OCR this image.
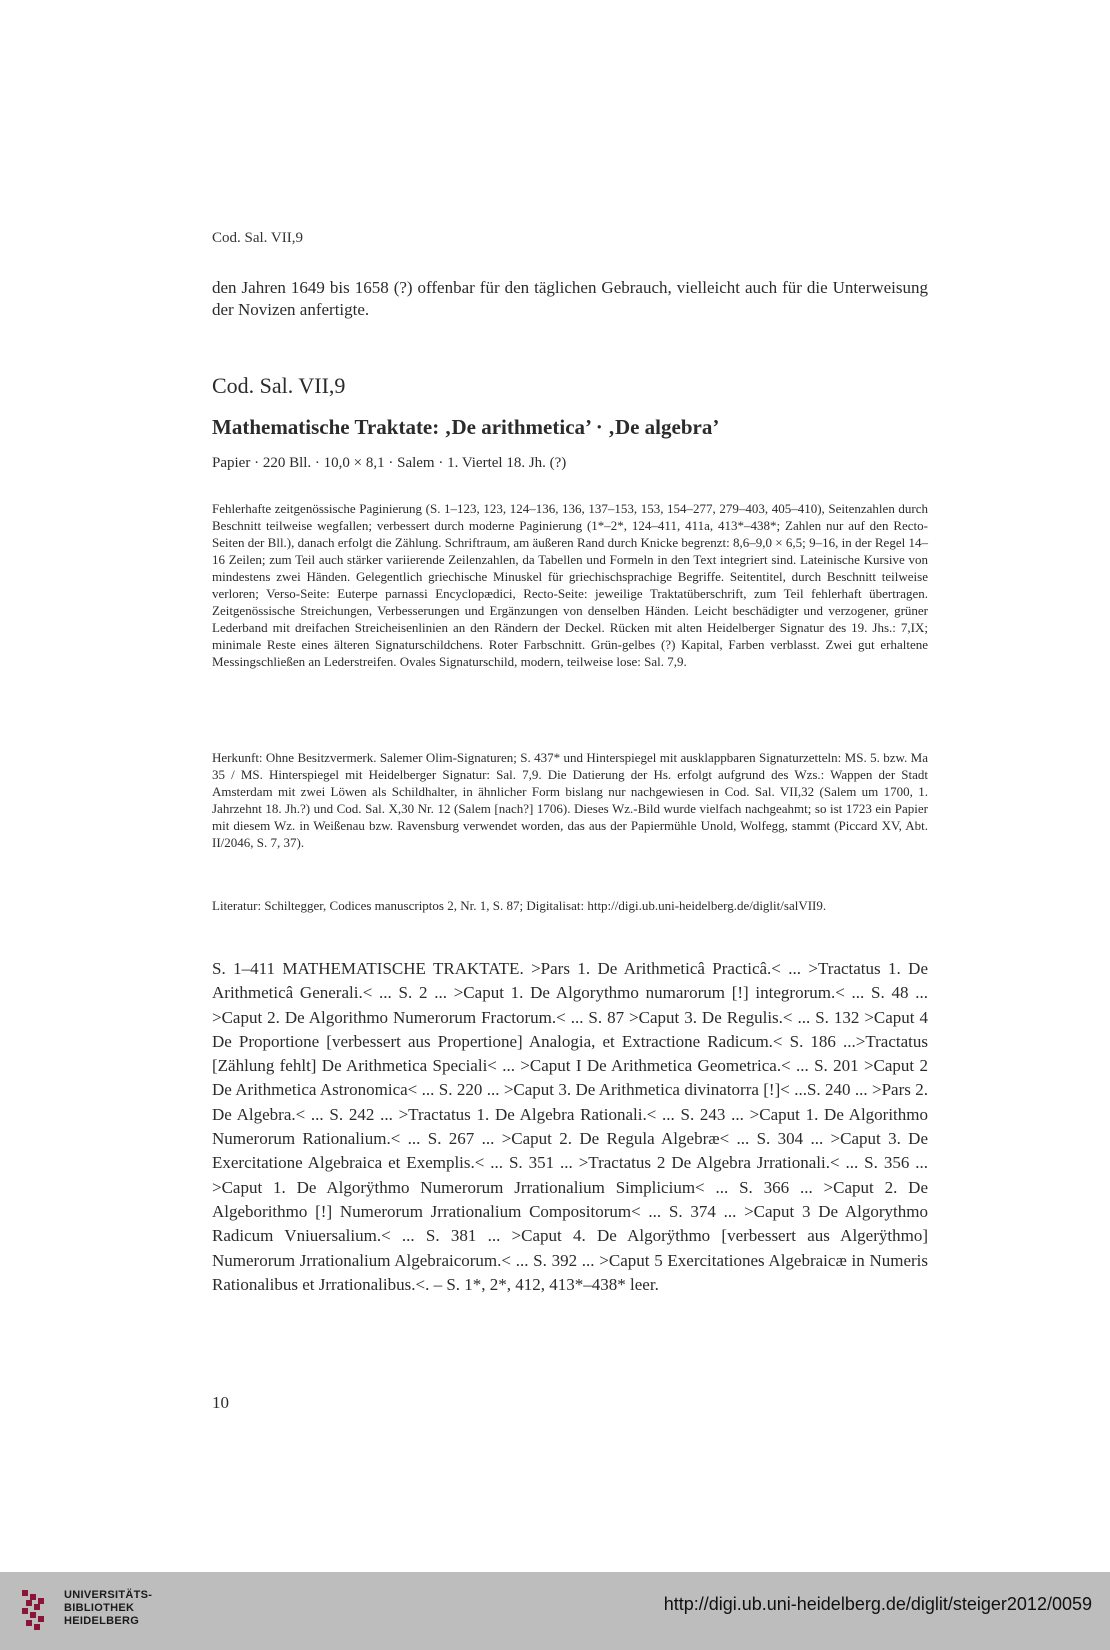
Cod. Sal. VII,9

den Jahren 1649 bis 1658 (?) offenbar für den täglichen Gebrauch, vielleicht auch für die Unterweisung der Novizen anfertigte.

Cod. Sal. VII,9
Mathematische Traktate: ‚De arithmetica’ · ‚De algebra’
Papier · 220 Bll. · 10,0 × 8,1 · Salem · 1. Viertel 18. Jh. (?)

Fehlerhafte zeitgenössische Paginierung (S. 1–123, 123, 124–136, 136, 137–153, 153, 154–277, 279–403, 405–410), Seitenzahlen durch Beschnitt teilweise wegfallen; verbessert durch moderne Paginierung (1*–2*, 124–411, 411a, 413*–438*; Zahlen nur auf den Recto-Seiten der Bll.), danach erfolgt die Zählung. Schriftraum, am äußeren Rand durch Knicke begrenzt: 8,6–9,0 × 6,5; 9–16, in der Regel 14–16 Zeilen; zum Teil auch stärker variierende Zeilenzahlen, da Tabellen und Formeln in den Text integriert sind. Lateinische Kursive von mindestens zwei Händen. Gelegentlich griechische Minuskel für griechischsprachige Begriffe. Seitentitel, durch Beschnitt teilweise verloren; Verso-Seite: Euterpe parnassi Encyclopædici, Recto-Seite: jeweilige Traktatüberschrift, zum Teil fehlerhaft übertragen. Zeitgenössische Streichungen, Verbesserungen und Ergänzungen von denselben Händen. Leicht beschädigter und verzogener, grüner Lederband mit dreifachen Streicheisenlinien an den Rändern der Deckel. Rücken mit alten Heidelberger Signatur des 19. Jhs.: 7,IX; minimale Reste eines älteren Signaturschildchens. Roter Farbschnitt. Grün-gelbes (?) Kapital, Farben verblasst. Zwei gut erhaltene Messingschließen an Lederstreifen. Ovales Signaturschild, modern, teilweise lose: Sal. 7,9.

Herkunft: Ohne Besitzvermerk. Salemer Olim-Signaturen; S. 437* und Hinterspiegel mit ausklappbaren Signaturzetteln: MS. 5. bzw. Ma 35 / MS. Hinterspiegel mit Heidelberger Signatur: Sal. 7,9. Die Datierung der Hs. erfolgt aufgrund des Wzs.: Wappen der Stadt Amsterdam mit zwei Löwen als Schildhalter, in ähnlicher Form bislang nur nachgewiesen in Cod. Sal. VII,32 (Salem um 1700, 1. Jahrzehnt 18. Jh.?) und Cod. Sal. X,30 Nr. 12 (Salem [nach?] 1706). Dieses Wz.-Bild wurde vielfach nachgeahmt; so ist 1723 ein Papier mit diesem Wz. in Weißenau bzw. Ravensburg verwendet worden, das aus der Papiermühle Unold, Wolfegg, stammt (Piccard XV, Abt. II/2046, S. 7, 37).

Literatur: Schiltegger, Codices manuscriptos 2, Nr. 1, S. 87; Digitalisat: http://digi.ub.uni-heidelberg.de/diglit/salVII9.

S. 1–411 MATHEMATISCHE TRAKTATE. >Pars 1. De Arithmeticâ Practicâ.< ... >Tractatus 1. De Arithmeticâ Generali.< ... S. 2 ... >Caput 1. De Algorythmo numarorum [!] integrorum.< ... S. 48 ... >Caput 2. De Algorithmo Numerorum Fractorum.< ... S. 87 >Caput 3. De Regulis.< ... S. 132 >Caput 4 De Proportione [verbessert aus Propertione] Analogia, et Extractione Radicum.< S. 186 ...>Tractatus [Zählung fehlt] De Arithmetica Speciali< ... >Caput I De Arithmetica Geometrica.< ... S. 201 >Caput 2 De Arithmetica Astronomica< ... S. 220 ... >Caput 3. De Arithmetica divinatorra [!]< ...S. 240 ... >Pars 2. De Algebra.< ... S. 242 ... >Tractatus 1. De Algebra Rationali.< ... S. 243 ... >Caput 1. De Algorithmo Numerorum Rationalium.< ... S. 267 ... >Caput 2. De Regula Algebræ< ... S. 304 ... >Caput 3. De Exercitatione Algebraica et Exemplis.< ... S. 351 ... >Tractatus 2 De Algebra Jrrationali.< ... S. 356 ... >Caput 1. De Algorÿthmo Numerorum Jrrationalium Simplicium< ... S. 366 ... >Caput 2. De Algeborithmo [!] Numerorum Jrrationalium Compositorum< ... S. 374 ... >Caput 3 De Algorythmo Radicum Vniuersalium.< ... S. 381 ... >Caput 4. De Algorÿthmo [verbessert aus Algerÿthmo] Numerorum Jrrationalium Algebraicorum.< ... S. 392 ... >Caput 5 Exercitationes Algebraicæ in Numeris Rationalibus et Jrrationalibus.<. – S. 1*, 2*, 412, 413*–438* leer.

10
UNIVERSITÄTS-
BIBLIOTHEK
HEIDELBERG
http://digi.ub.uni-heidelberg.de/diglit/steiger2012/0059
